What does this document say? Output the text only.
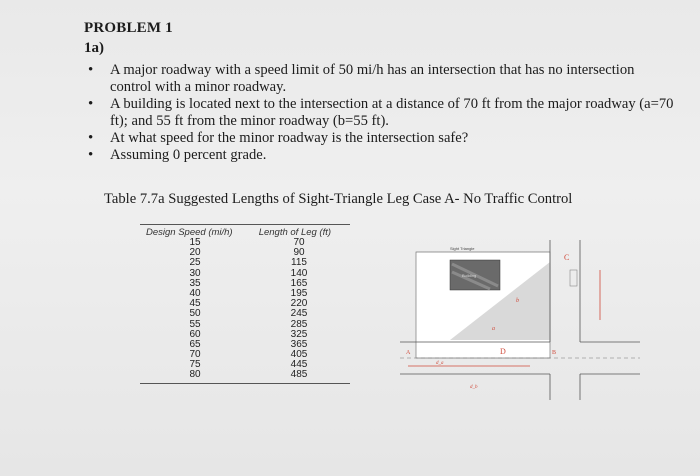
PROBLEM 1
1a)
• A major roadway with a speed limit of 50 mi/h has an intersection that has no intersection control with a minor roadway.
• A building is located next to the intersection at a distance of 70 ft from the major roadway (a=70 ft); and 55 ft from the minor roadway (b=55 ft).
• At what speed for the minor roadway is the intersection safe?
• Assuming 0 percent grade.
Table 7.7a Suggested Lengths of Sight-Triangle Leg Case A- No Traffic Control
Design Speed (mi/h)	Length of Leg (ft)
15	70
20	90
25	115
30	140
35	165
40	195
45	220
50	245
55	285
60	325
65	365
70	405
75	445
80	485
Sight Triangle
Building
C
b
a
d_a
d_b
D	B
A
